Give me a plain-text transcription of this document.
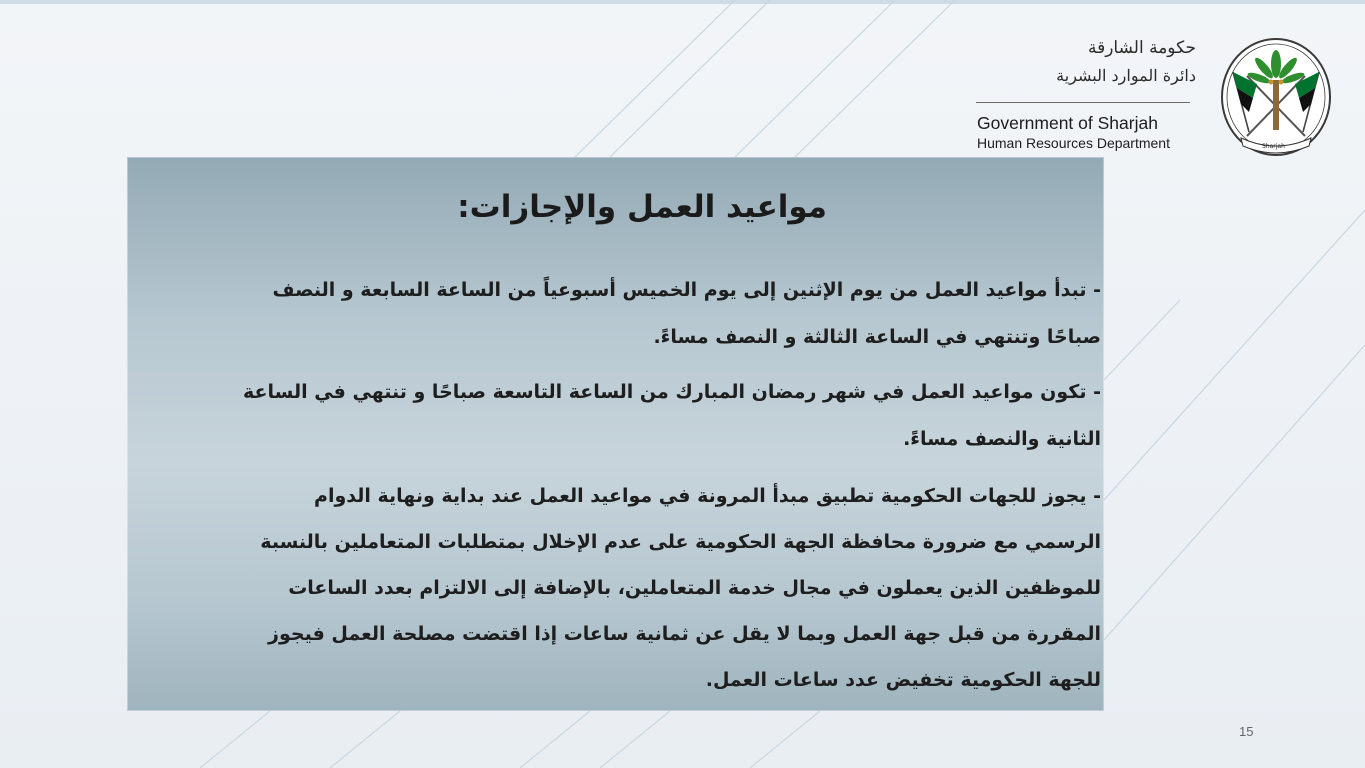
حكومة الشارقة
دائرة الموارد البشرية
Government of Sharjah
Human Resources Department	Sharjah
مواعيد العمل والإجازات:
- تبدأ مواعيد العمل من يوم الإثنين إلى يوم الخميس أسبوعياً من الساعة السابعة و النصف
صباحًا وتنتهي في الساعة الثالثة و النصف مساءً.
- تكون مواعيد العمل في شهر رمضان المبارك من الساعة التاسعة صباحًا و تنتهي في الساعة
الثانية والنصف مساءً.
- يجوز للجهات الحكومية تطبيق مبدأ المرونة في مواعيد العمل عند بداية ونهاية الدوام
الرسمي مع ضرورة محافظة الجهة الحكومية على عدم الإخلال بمتطلبات المتعاملين بالنسبة
للموظفين الذين يعملون في مجال خدمة المتعاملين، بالإضافة إلى الالتزام بعدد الساعات
المقررة من قبل جهة العمل وبما لا يقل عن ثمانية ساعات إذا اقتضت مصلحة العمل فيجوز
للجهة الحكومية تخفيض عدد ساعات العمل.
15
